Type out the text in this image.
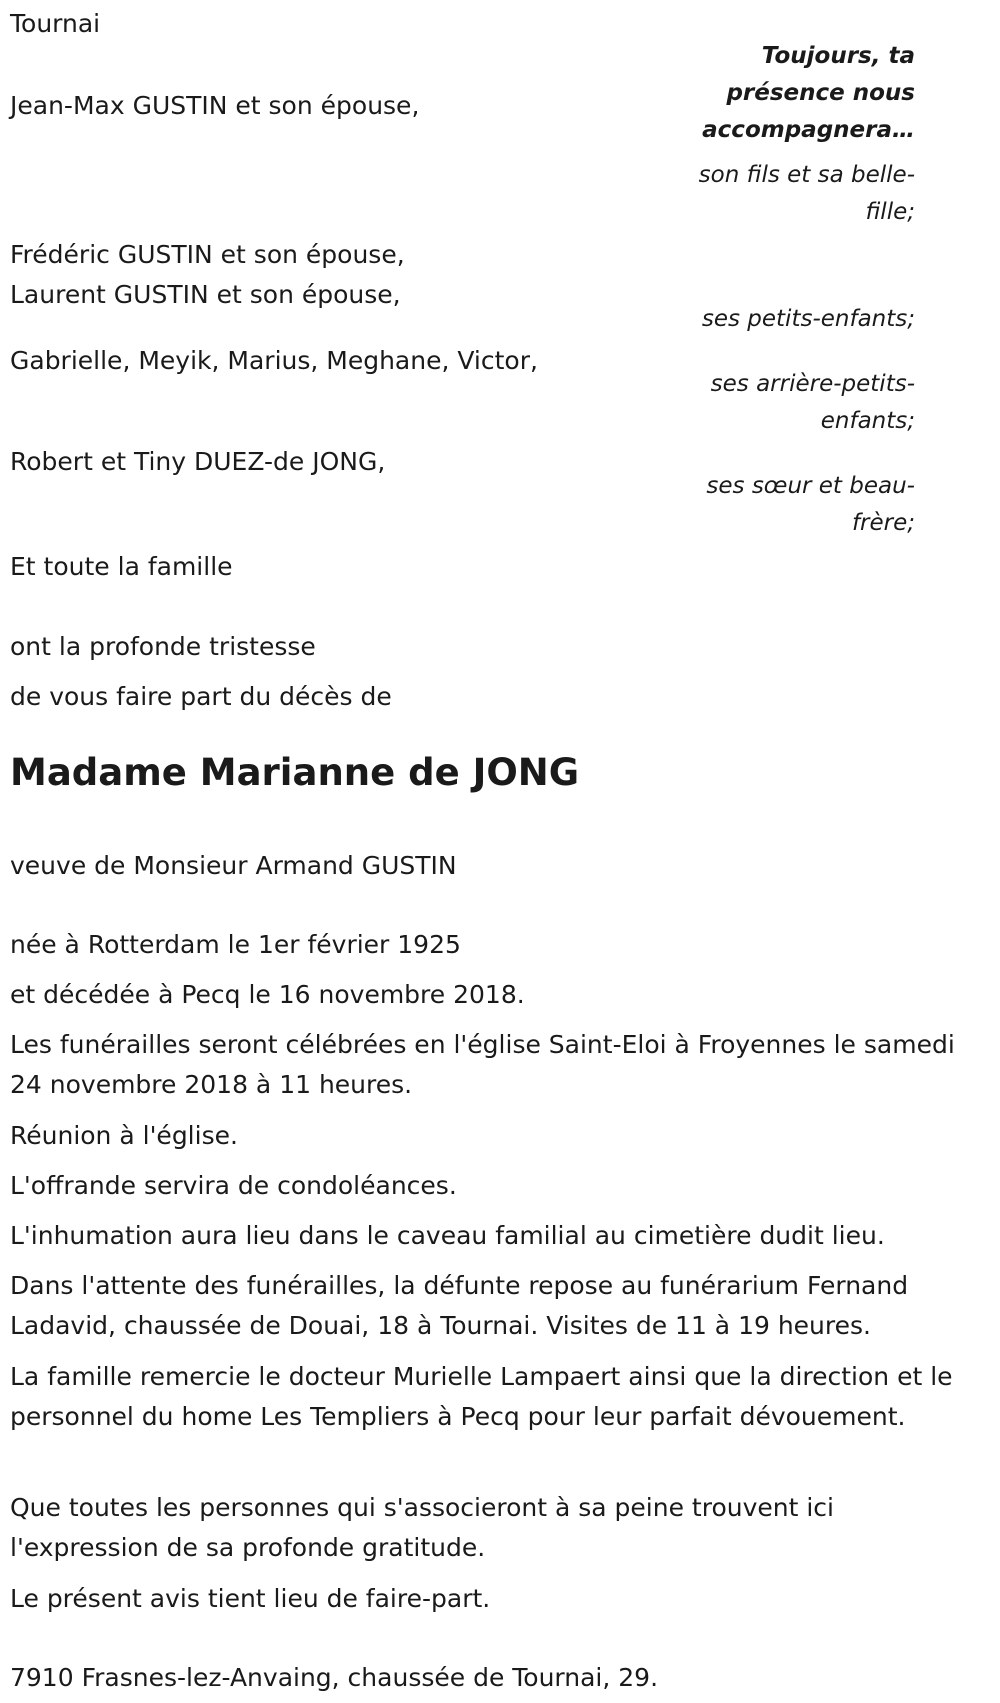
Tournai
Toujours, ta présence nous accompagnera…
Jean-Max GUSTIN et son épouse,
son fils et sa belle-fille;
Frédéric GUSTIN et son épouse,
Laurent GUSTIN et son épouse,
ses petits-enfants;
Gabrielle, Meyik, Marius, Meghane, Victor,
ses arrière-petits-enfants;
Robert et Tiny DUEZ-de JONG,
ses sœur et beau-frère;
Et toute la famille
ont la profonde tristesse
de vous faire part du décès de
Madame Marianne de JONG
veuve de Monsieur Armand GUSTIN
née à Rotterdam le 1er février 1925
et décédée à Pecq le 16 novembre 2018.
Les funérailles seront célébrées en l'église Saint-Eloi à Froyennes le samedi 24 novembre 2018 à 11 heures.
Réunion à l'église.
L'offrande servira de condoléances.
L'inhumation aura lieu dans le caveau familial au cimetière dudit lieu.
Dans l'attente des funérailles, la défunte repose au funérarium Fernand Ladavid, chaussée de Douai, 18 à Tournai. Visites de 11 à 19 heures.
La famille remercie le docteur Murielle Lampaert ainsi que la direction et le personnel du home Les Templiers à Pecq pour leur parfait dévouement.
Que toutes les personnes qui s'associeront à sa peine trouvent ici l'expression de sa profonde gratitude.
Le présent avis tient lieu de faire-part.
7910 Frasnes-lez-Anvaing, chaussée de Tournai, 29.
